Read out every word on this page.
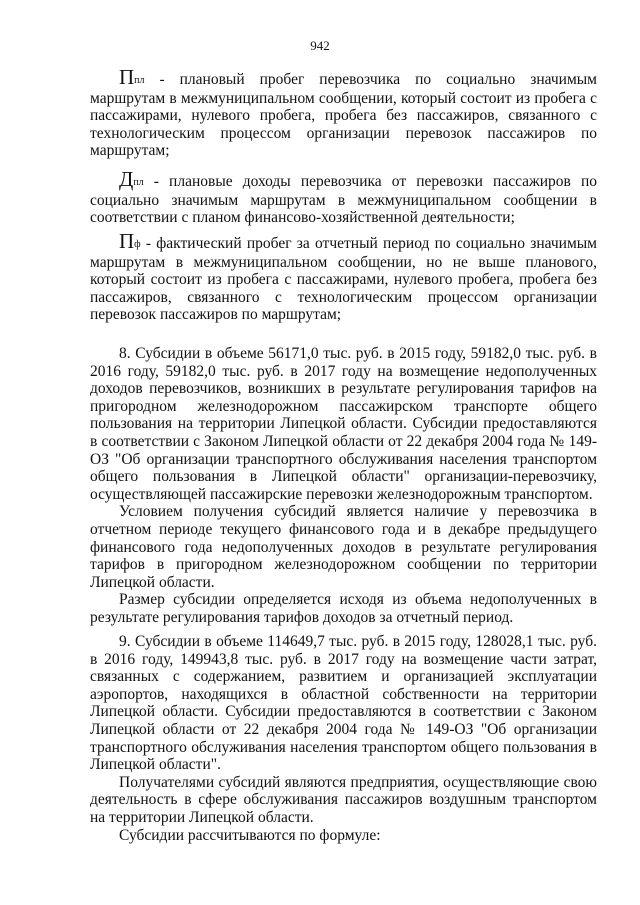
942

Ппл - плановый пробег перевозчика по социально значимым маршрутам в межмуниципальном сообщении, который состоит из пробега с пассажирами, нулевого пробега, пробега без пассажиров, связанного с технологическим процессом организации перевозок пассажиров по маршрутам;

Дпл - плановые доходы перевозчика от перевозки пассажиров по социально значимым маршрутам в межмуниципальном сообщении в соответствии с планом финансово-хозяйственной деятельности;

Пф - фактический пробег за отчетный период по социально значимым маршрутам в межмуниципальном сообщении, но не выше планового, который состоит из пробега с пассажирами, нулевого пробега, пробега без пассажиров, связанного с технологическим процессом организации перевозок пассажиров по маршрутам;

8. Субсидии в объеме 56171,0 тыс. руб. в 2015 году, 59182,0 тыс. руб. в 2016 году, 59182,0 тыс. руб. в 2017 году на возмещение недополученных доходов перевозчиков, возникших в результате регулирования тарифов на пригородном железнодорожном пассажирском транспорте общего пользования на территории Липецкой области. Субсидии предоставляются в соответствии с Законом Липецкой области от 22 декабря 2004 года № 149-ОЗ "Об организации транспортного обслуживания населения транспортом общего пользования в Липецкой области" организации-перевозчику, осуществляющей пассажирские перевозки железнодорожным транспортом.

Условием получения субсидий является наличие у перевозчика в отчетном периоде текущего финансового года и в декабре предыдущего финансового года недополученных доходов в результате регулирования тарифов в пригородном железнодорожном сообщении по территории Липецкой области.

Размер субсидии определяется исходя из объема недополученных в результате регулирования тарифов доходов за отчетный период.

9. Субсидии в объеме 114649,7 тыс. руб. в 2015 году, 128028,1 тыс. руб. в 2016 году, 149943,8 тыс. руб. в 2017 году на возмещение части затрат, связанных с содержанием, развитием и организацией эксплуатации аэропортов, находящихся в областной собственности на территории Липецкой области. Субсидии предоставляются в соответствии с Законом Липецкой области от 22 декабря 2004 года № 149-ОЗ "Об организации транспортного обслуживания населения транспортом общего пользования в Липецкой области".

Получателями субсидий являются предприятия, осуществляющие свою деятельность в сфере обслуживания пассажиров воздушным транспортом на территории Липецкой области.

Субсидии рассчитываются по формуле:
